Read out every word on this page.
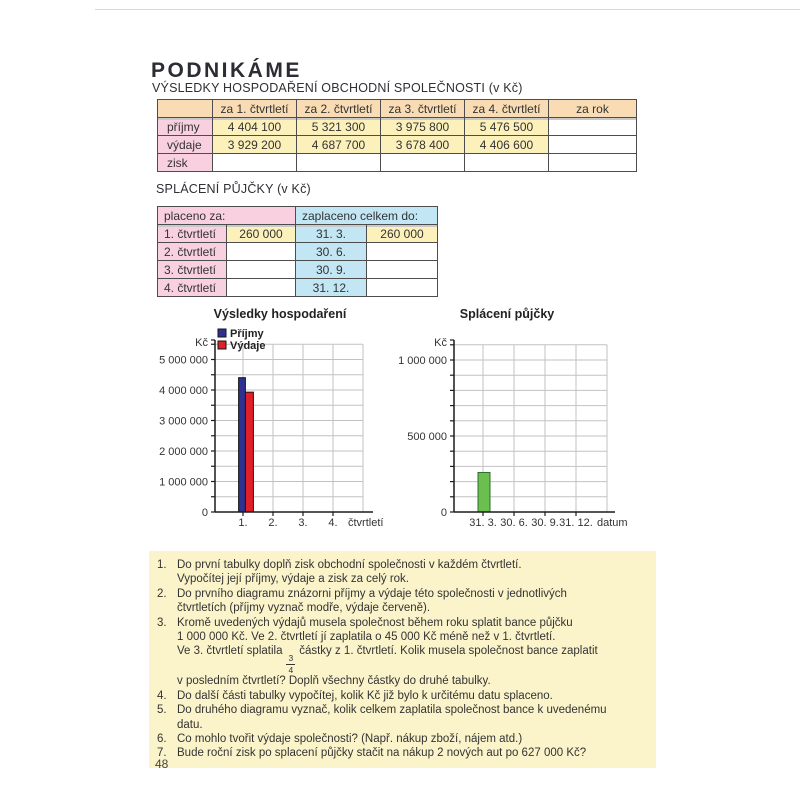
PODNIKÁME
VÝSLEDKY HOSPODAŘENÍ OBCHODNÍ SPOLEČNOSTI (v Kč)
	za 1. čtvrtletí	za 2. čtvrtletí	za 3. čtvrtletí	za 4. čtvrtletí	za rok
příjmy	4 404 100	5 321 300	3 975 800	5 476 500	
výdaje	3 929 200	4 687 700	3 678 400	4 406 600	
zisk					
SPLÁCENÍ PŮJČKY (v Kč)
placeno za:		zaplaceno celkem do:	
1. čtvrtletí	260 000	31. 3.	260 000
2. čtvrtletí		30. 6.	
3. čtvrtletí		30. 9.	
4. čtvrtletí		31. 12.	
5 000 000
4 000 000
3 000 000
2 000 000
1 000 000
0
1. 2. 3. 4.
Výsledky hospodaření
Příjmy
Výdaje
Kč
čtvrtletí
1 000 000
500 000
0
31. 3. 30. 6. 30. 9. 31. 12.
Splácení půjčky
Kč
datum
1. Do první tabulky doplň zisk obchodní společnosti v každém čtvrtletí.
Vypočítej její příjmy, výdaje a zisk za celý rok.
2. Do prvního diagramu znázorni příjmy a výdaje této společnosti v jednotlivých
čtvrtletích (příjmy vyznač modře, výdaje červeně).
3. Kromě uvedených výdajů musela společnost během roku splatit bance půjčku
1 000 000 Kč. Ve 2. čtvrtletí jí zaplatila o 45 000 Kč méně než v 1. čtvrtletí.
Ve 3. čtvrtletí splatila
$\frac{3}{4}$
částky z 1. čtvrtletí. Kolik musela společnost bance zaplatit
v posledním čtvrtletí? Doplň všechny částky do druhé tabulky.
4. Do další části tabulky vypočítej, kolik Kč již bylo k určitému datu splaceno.
5. Do druhého diagramu vyznač, kolik celkem zaplatila společnost bance k uvedenému
datu.
6. Co mohlo tvořit výdaje společnosti? (Např. nákup zboží, nájem atd.)
7. Bude roční zisk po splacení půjčky stačit na nákup 2 nových aut po 627 000 Kč?
48
